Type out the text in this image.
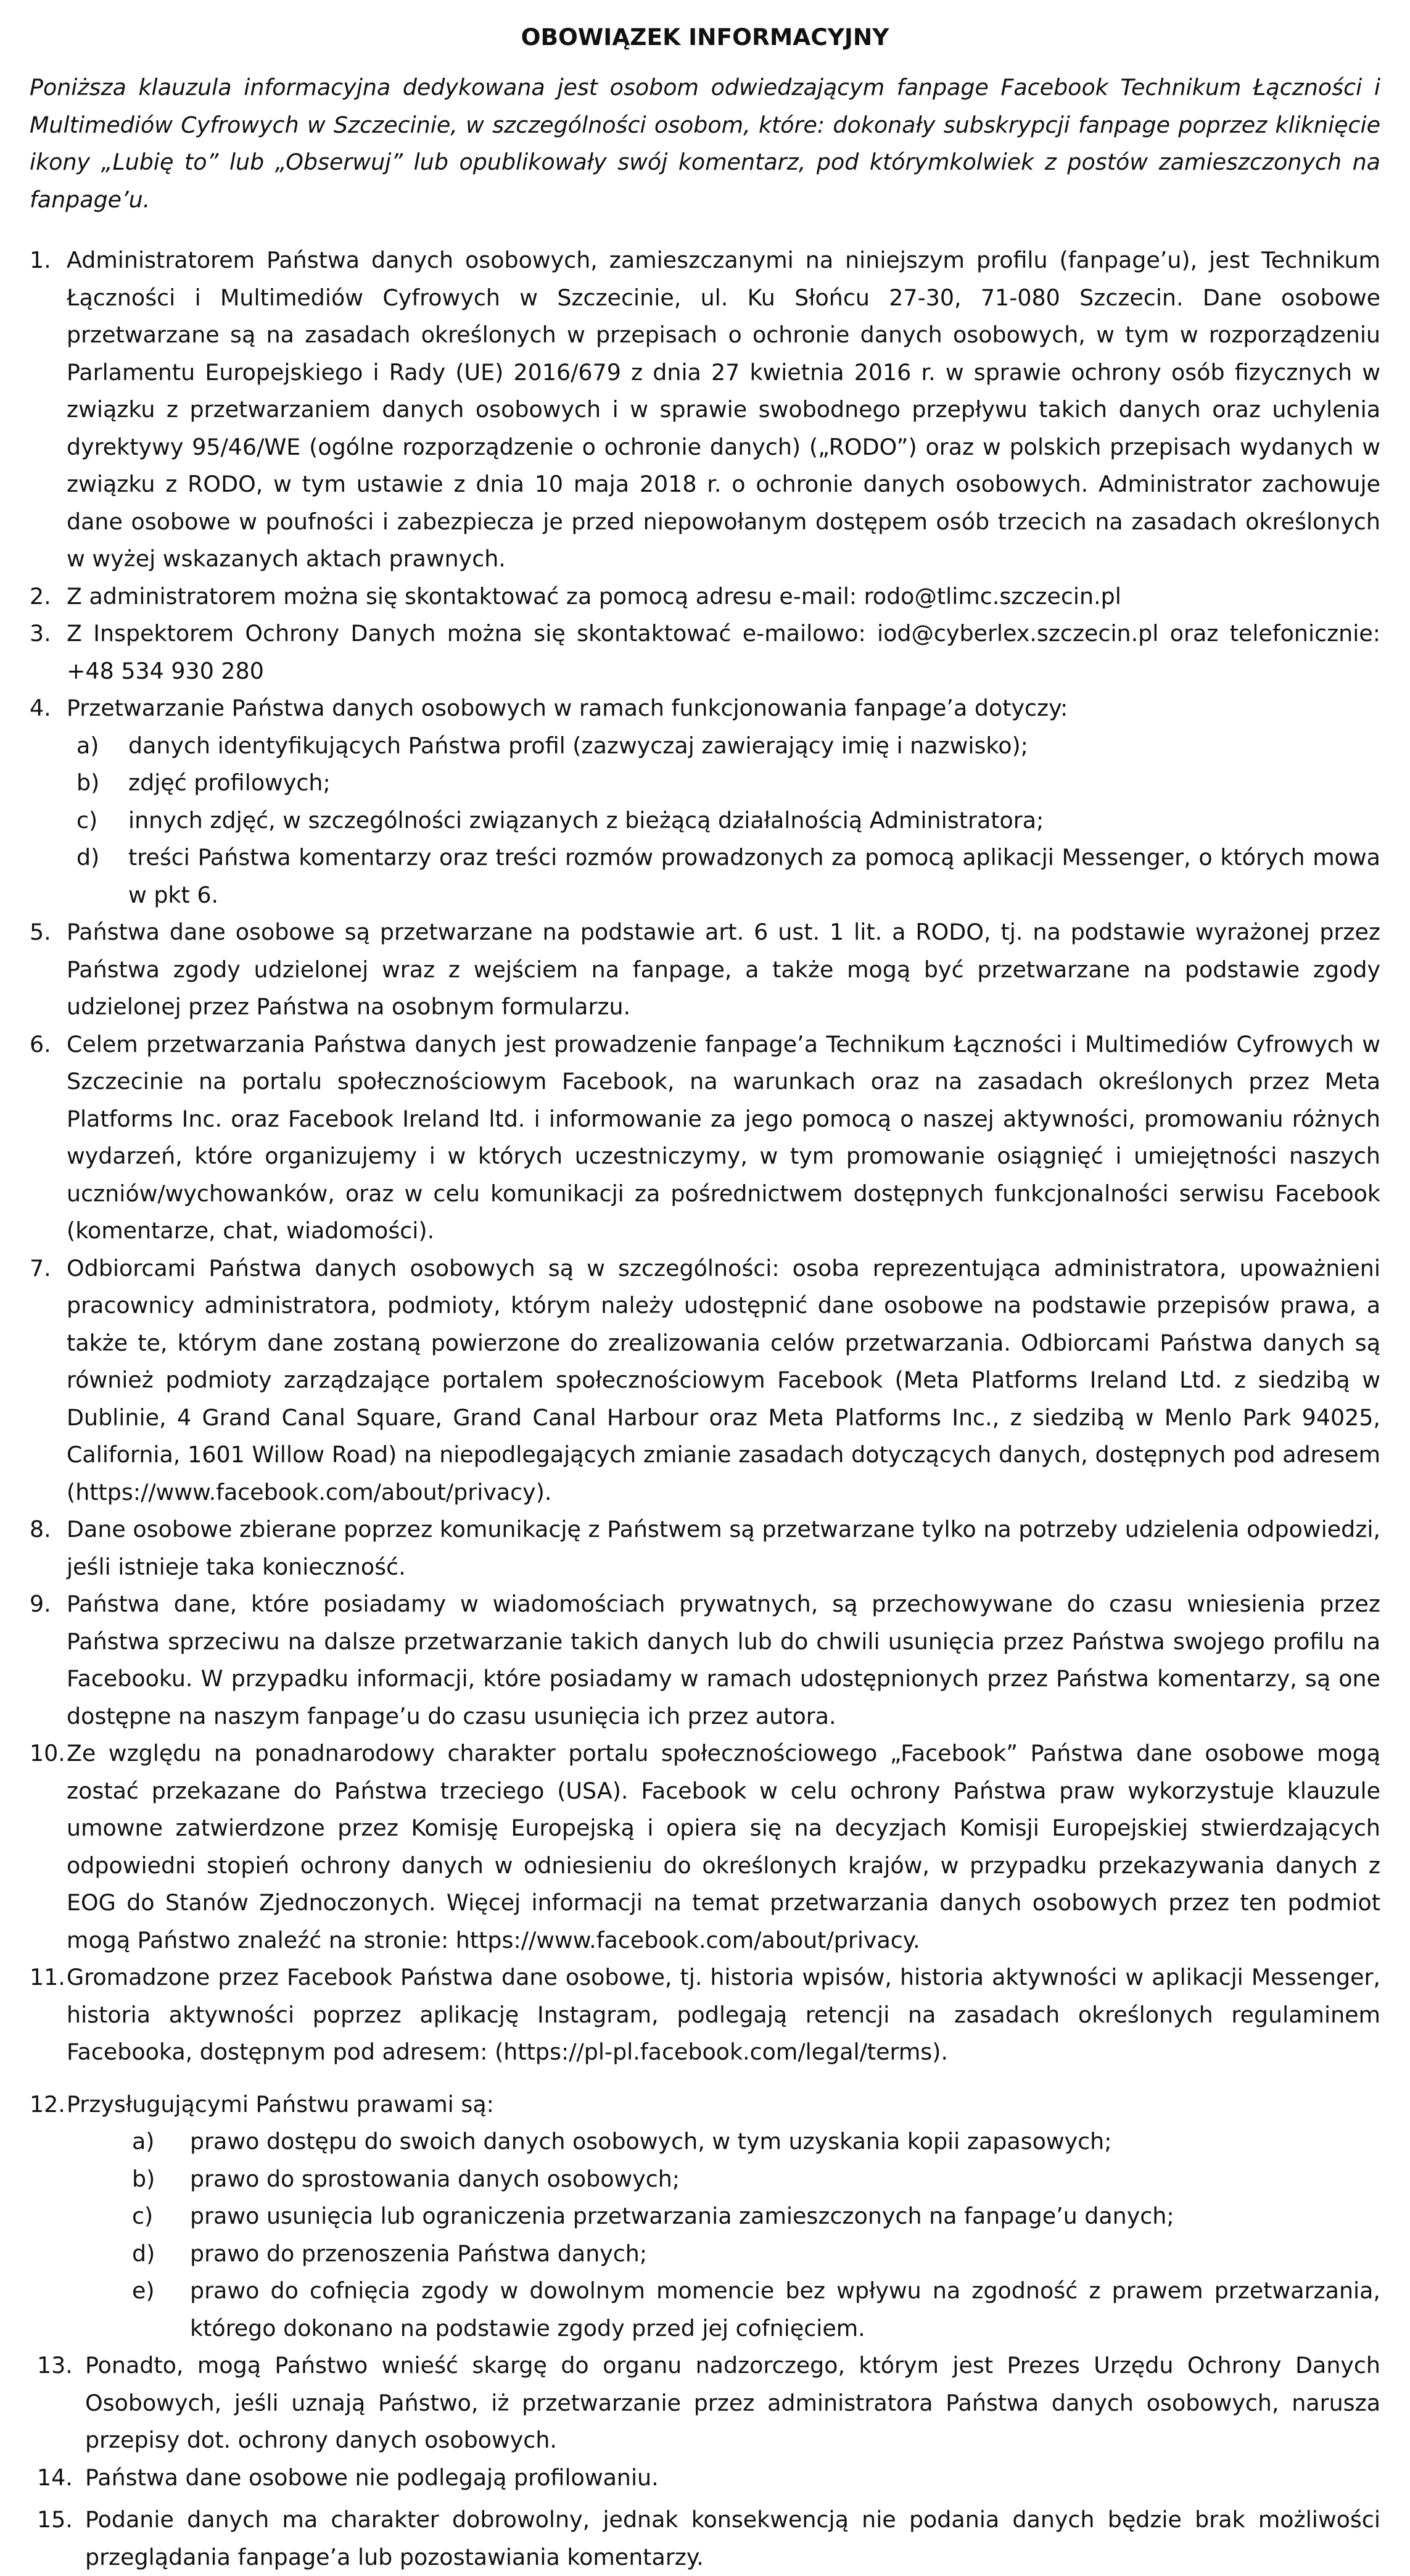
OBOWIĄZEK INFORMACYJNY
Poniższa klauzula informacyjna dedykowana jest osobom odwiedzającym fanpage Facebook Technikum Łączności i Multimediów Cyfrowych w Szczecinie, w szczególności osobom, które: dokonały subskrypcji fanpage poprzez kliknięcie ikony „Lubię to” lub „Obserwuj” lub opublikowały swój komentarz, pod którymkolwiek z postów zamieszczonych na fanpage’u.
1. Administratorem Państwa danych osobowych, zamieszczanymi na niniejszym profilu (fanpage’u), jest Technikum Łączności i Multimediów Cyfrowych w Szczecinie, ul. Ku Słońcu 27-30, 71-080 Szczecin. Dane osobowe przetwarzane są na zasadach określonych w przepisach o ochronie danych osobowych, w tym w rozporządzeniu Parlamentu Europejskiego i Rady (UE) 2016/679 z dnia 27 kwietnia 2016 r. w sprawie ochrony osób fizycznych w związku z przetwarzaniem danych osobowych i w sprawie swobodnego przepływu takich danych oraz uchylenia dyrektywy 95/46/WE (ogólne rozporządzenie o ochronie danych) („RODO”) oraz w polskich przepisach wydanych w związku z RODO, w tym ustawie z dnia 10 maja 2018 r. o ochronie danych osobowych. Administrator zachowuje dane osobowe w poufności i zabezpiecza je przed niepowołanym dostępem osób trzecich na zasadach określonych w wyżej wskazanych aktach prawnych.
2. Z administratorem można się skontaktować za pomocą adresu e-mail: rodo@tlimc.szczecin.pl
3. Z Inspektorem Ochrony Danych można się skontaktować e-mailowo: iod@cyberlex.szczecin.pl oraz telefonicznie: +48 534 930 280
4. Przetwarzanie Państwa danych osobowych w ramach funkcjonowania fanpage’a dotyczy:
a) danych identyfikujących Państwa profil (zazwyczaj zawierający imię i nazwisko);
b) zdjęć profilowych;
c) innych zdjęć, w szczególności związanych z bieżącą działalnością Administratora;
d) treści Państwa komentarzy oraz treści rozmów prowadzonych za pomocą aplikacji Messenger, o których mowa w pkt 6.
5. Państwa dane osobowe są przetwarzane na podstawie art. 6 ust. 1 lit. a RODO, tj. na podstawie wyrażonej przez Państwa zgody udzielonej wraz z wejściem na fanpage, a także mogą być przetwarzane na podstawie zgody udzielonej przez Państwa na osobnym formularzu.
6. Celem przetwarzania Państwa danych jest prowadzenie fanpage’a Technikum Łączności i Multimediów Cyfrowych w Szczecinie na portalu społecznościowym Facebook, na warunkach oraz na zasadach określonych przez Meta Platforms Inc. oraz Facebook Ireland ltd. i informowanie za jego pomocą o naszej aktywności, promowaniu różnych wydarzeń, które organizujemy i w których uczestniczymy, w tym promowanie osiągnięć i umiejętności naszych uczniów/wychowanków, oraz w celu komunikacji za pośrednictwem dostępnych funkcjonalności serwisu Facebook (komentarze, chat, wiadomości).
7. Odbiorcami Państwa danych osobowych są w szczególności: osoba reprezentująca administratora, upoważnieni pracownicy administratora, podmioty, którym należy udostępnić dane osobowe na podstawie przepisów prawa, a także te, którym dane zostaną powierzone do zrealizowania celów przetwarzania. Odbiorcami Państwa danych są również podmioty zarządzające portalem społecznościowym Facebook (Meta Platforms Ireland Ltd. z siedzibą w Dublinie, 4 Grand Canal Square, Grand Canal Harbour oraz Meta Platforms Inc., z siedzibą w Menlo Park 94025, California, 1601 Willow Road) na niepodlegających zmianie zasadach dotyczących danych, dostępnych pod adresem (https://www.facebook.com/about/privacy).
8. Dane osobowe zbierane poprzez komunikację z Państwem są przetwarzane tylko na potrzeby udzielenia odpowiedzi, jeśli istnieje taka konieczność.
9. Państwa dane, które posiadamy w wiadomościach prywatnych, są przechowywane do czasu wniesienia przez Państwa sprzeciwu na dalsze przetwarzanie takich danych lub do chwili usunięcia przez Państwa swojego profilu na Facebooku. W przypadku informacji, które posiadamy w ramach udostępnionych przez Państwa komentarzy, są one dostępne na naszym fanpage’u do czasu usunięcia ich przez autora.
10. Ze względu na ponadnarodowy charakter portalu społecznościowego „Facebook” Państwa dane osobowe mogą zostać przekazane do Państwa trzeciego (USA). Facebook w celu ochrony Państwa praw wykorzystuje klauzule umowne zatwierdzone przez Komisję Europejską i opiera się na decyzjach Komisji Europejskiej stwierdzających odpowiedni stopień ochrony danych w odniesieniu do określonych krajów, w przypadku przekazywania danych z EOG do Stanów Zjednoczonych. Więcej informacji na temat przetwarzania danych osobowych przez ten podmiot mogą Państwo znaleźć na stronie: https://www.facebook.com/about/privacy.
11. Gromadzone przez Facebook Państwa dane osobowe, tj. historia wpisów, historia aktywności w aplikacji Messenger, historia aktywności poprzez aplikację Instagram, podlegają retencji na zasadach określonych regulaminem Facebooka, dostępnym pod adresem: (https://pl-pl.facebook.com/legal/terms).
12. Przysługującymi Państwu prawami są:
a) prawo dostępu do swoich danych osobowych, w tym uzyskania kopii zapasowych;
b) prawo do sprostowania danych osobowych;
c) prawo usunięcia lub ograniczenia przetwarzania zamieszczonych na fanpage’u danych;
d) prawo do przenoszenia Państwa danych;
e) prawo do cofnięcia zgody w dowolnym momencie bez wpływu na zgodność z prawem przetwarzania, którego dokonano na podstawie zgody przed jej cofnięciem.
13. Ponadto, mogą Państwo wnieść skargę do organu nadzorczego, którym jest Prezes Urzędu Ochrony Danych Osobowych, jeśli uznają Państwo, iż przetwarzanie przez administratora Państwa danych osobowych, narusza przepisy dot. ochrony danych osobowych.
14. Państwa dane osobowe nie podlegają profilowaniu.
15. Podanie danych ma charakter dobrowolny, jednak konsekwencją nie podania danych będzie brak możliwości przeglądania fanpage’a lub pozostawiania komentarzy.
